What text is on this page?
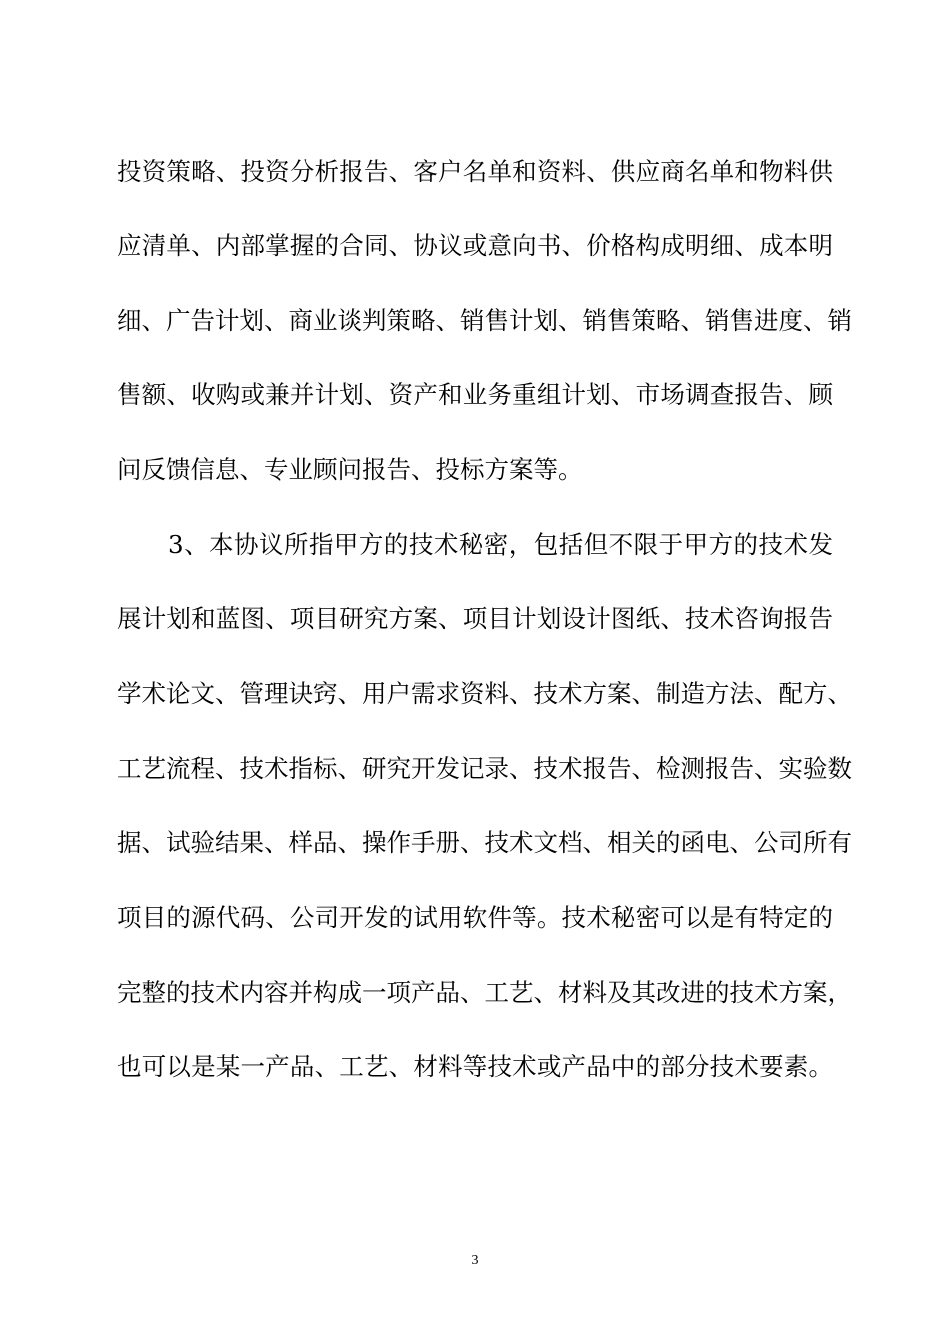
投资策略、投资分析报告、客户名单和资料、供应商名单和物料供
应清单、内部掌握的合同、协议或意向书、价格构成明细、成本明
细、广告计划、商业谈判策略、销售计划、销售策略、销售进度、销
售额、收购或兼并计划、资产和业务重组计划、市场调查报告、顾
问反馈信息、专业顾问报告、投标方案等。
3、本协议所指甲方的技术秘密，包括但不限于甲方的技术发
展计划和蓝图、项目研究方案、项目计划设计图纸、技术咨询报告
学术论文、管理诀窍、用户需求资料、技术方案、制造方法、配方、
工艺流程、技术指标、研究开发记录、技术报告、检测报告、实验数
据、试验结果、样品、操作手册、技术文档、相关的函电、公司所有
项目的源代码、公司开发的试用软件等。技术秘密可以是有特定的
完整的技术内容并构成一项产品、工艺、材料及其改进的技术方案，
也可以是某一产品、工艺、材料等技术或产品中的部分技术要素。
3
